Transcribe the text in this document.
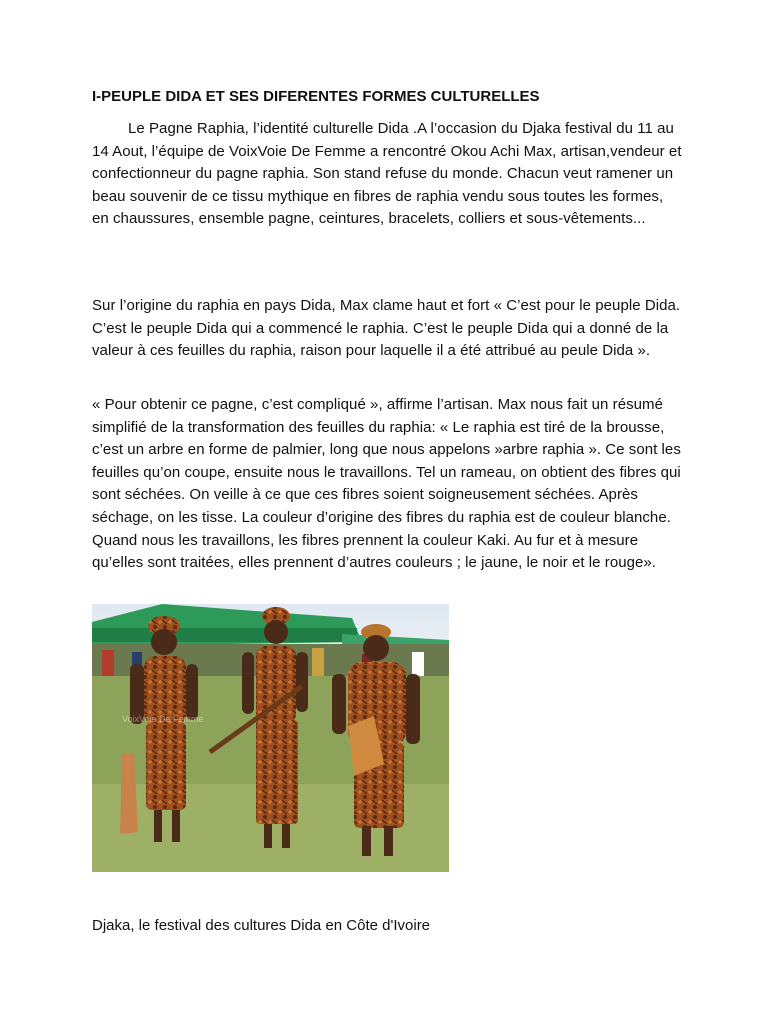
I-PEUPLE DIDA ET SES DIFERENTES FORMES CULTURELLES

Le Pagne Raphia, l’identité culturelle Dida .A l’occasion du Djaka festival du 11 au 14 Aout, l’équipe de VoixVoie De Femme a rencontré Okou Achi Max, artisan,vendeur et confectionneur du pagne raphia. Son stand refuse du monde. Chacun veut ramener un beau souvenir de ce tissu mythique en fibres de raphia vendu sous toutes les formes, en chaussures, ensemble pagne, ceintures, bracelets, colliers et sous-vêtements...

Sur l’origine du raphia en pays Dida, Max clame haut et fort « C’est pour le peuple Dida. C’est le peuple Dida qui a commencé le raphia. C’est le peuple Dida qui a donné de la valeur à ces feuilles du raphia, raison pour laquelle il a été attribué au peule Dida ».

« Pour obtenir ce pagne, c’est compliqué », affirme l’artisan. Max nous fait un résumé simplifié de la transformation des feuilles du raphia: « Le raphia est tiré de la brousse, c’est un arbre en forme de palmier, long que nous appelons »arbre raphia ». Ce sont les feuilles qu’on coupe, ensuite nous le travaillons. Tel un rameau, on obtient des fibres qui sont séchées. On veille à ce que ces fibres soient soigneusement séchées. Après séchage, on les tisse. La couleur d’origine des fibres du raphia est de couleur blanche. Quand nous les travaillons, les fibres prennent la couleur Kaki. Au fur et à mesure qu’elles sont traitées, elles prennent d’autres couleurs ; le jaune, le noir et le rouge».

VoixVoie De Femme

Djaka, le festival des cultures Dida en Côte d'Ivoire
